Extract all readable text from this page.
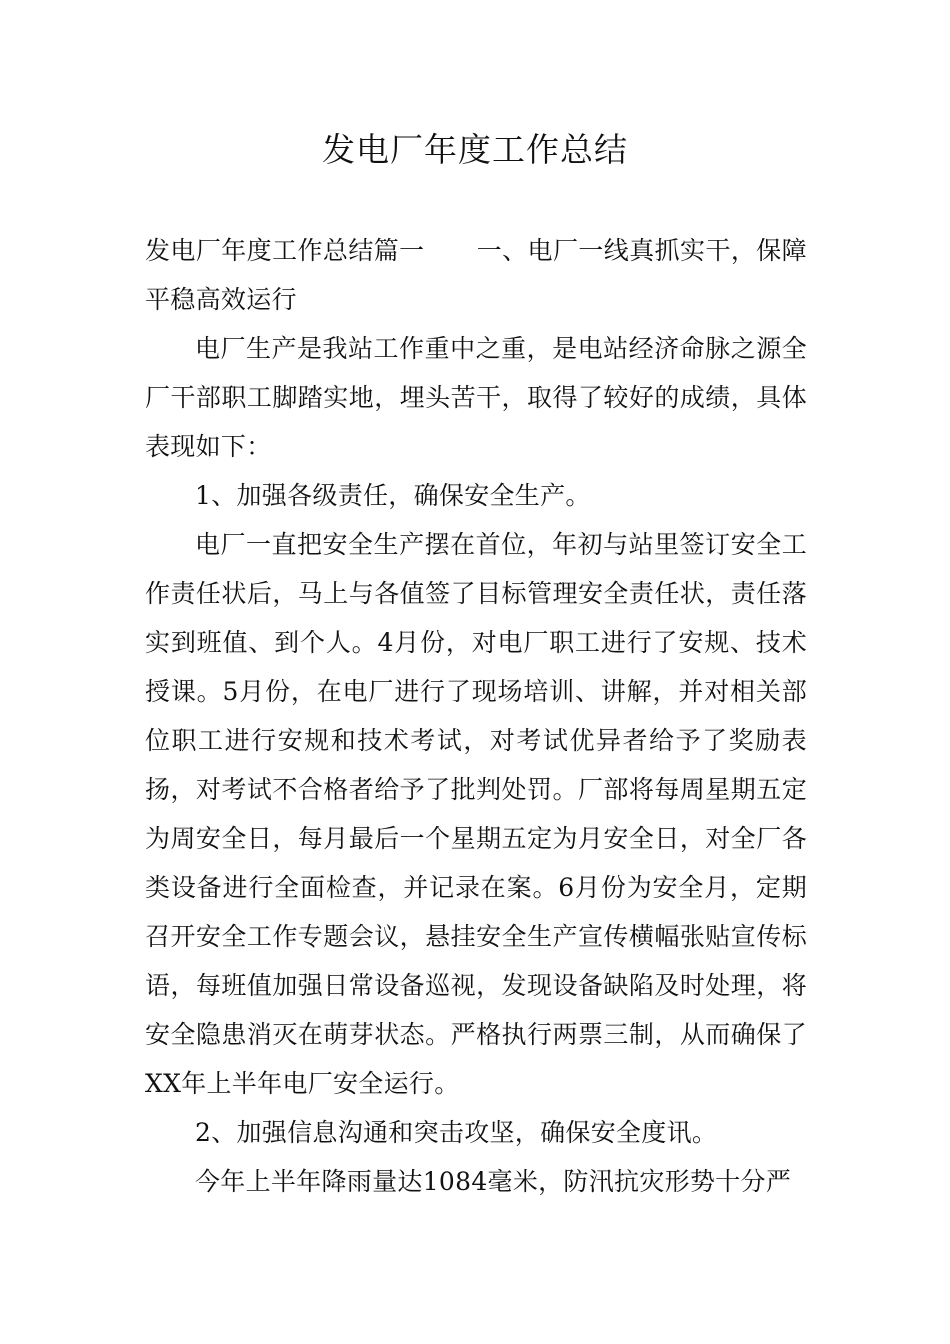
发电厂年度工作总结

发电厂年度工作总结篇一 一、电厂一线真抓实干，保障平稳高效运行

电厂生产是我站工作重中之重，是电站经济命脉之源全厂干部职工脚踏实地，埋头苦干，取得了较好的成绩，具体表现如下：

1、加强各级责任，确保安全生产。

电厂一直把安全生产摆在首位，年初与站里签订安全工作责任状后，马上与各值签了目标管理安全责任状，责任落实到班值、到个人。4月份，对电厂职工进行了安规、技术授课。5月份，在电厂进行了现场培训、讲解，并对相关部位职工进行安规和技术考试，对考试优异者给予了奖励表扬，对考试不合格者给予了批判处罚。厂部将每周星期五定为周安全日，每月最后一个星期五定为月安全日，对全厂各类设备进行全面检查，并记录在案。6月份为安全月，定期召开安全工作专题会议，悬挂安全生产宣传横幅张贴宣传标语，每班值加强日常设备巡视，发现设备缺陷及时处理，将安全隐患消灭在萌芽状态。严格执行两票三制，从而确保了XX年上半年电厂安全运行。

2、加强信息沟通和突击攻坚，确保安全度讯。

今年上半年降雨量达1084毫米，防汛抗灾形势十分严
